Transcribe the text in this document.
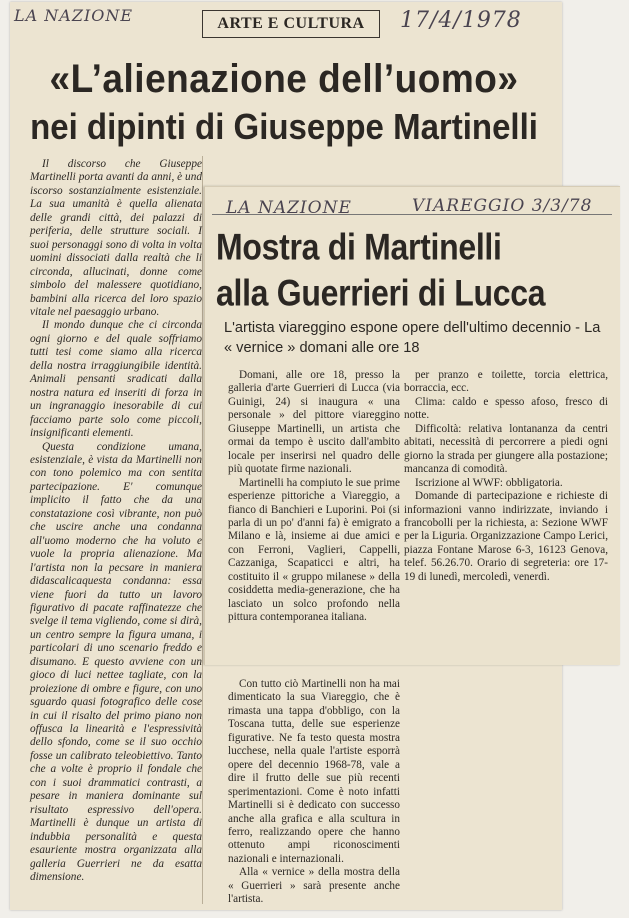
LA NAZIONE	ARTE E CULTURA	17/4/1978
«L’alienazione dell’uomo»
nei dipinti di Giuseppe Martinelli

Il discorso che Giuseppe Martinelli porta avanti da anni, è und iscorso sostanzialmente esistenziale. La sua umanità è quella alienata delle grandi città, dei palazzi di periferia, delle strutture sociali. I suoi personaggi sono di volta in volta uomini dissociati dalla realtà che li circonda, allucinati, donne come simbolo del malessere quotidiano, bambini alla ricerca del loro spazio vitale nel paesaggio urbano.

Il mondo dunque che ci circonda ogni giorno e del quale soffriamo tutti tesi come siamo alla ricerca della nostra irraggiungibile identità. Animali pensanti sradicati dalla nostra natura ed inseriti di forza in un ingranaggio inesorabile di cui facciamo parte solo come piccoli, insignificanti elementi.

Questa condizione umana, esistenziale, è vista da Martinelli non con tono polemico ma con sentita partecipazione. E' comunque implicito il fatto che da una constatazione così vibrante, non può che uscire anche una condanna all'uomo moderno che ha voluto e vuole la propria alienazione. Ma l'artista non la pecsare in maniera didascalicaquesta condanna: essa viene fuori da tutto un lavoro figurativo di pacate raffinatezze che svelge il tema vigliendo, come si dirà, un centro sempre la figura umana, i particolari di uno scenario freddo e disumano. E questo avviene con un gioco di luci nettee tagliate, con la proiezione di ombre e figure, con uno sguardo quasi fotografico delle cose in cui il risalto del primo piano non offusca la linearità e l'espressività dello sfondo, come se il suo occhio fosse un calibrato teleobiettivo. Tanto che a volte è proprio il fondale che con i suoi drammatici contrasti, a pesare in maniera dominante sul risultato espressivo dell'opera. Martinelli è dunque un artista di indubbia personalità e questa esauriente mostra organizzata alla galleria Guerrieri ne da esatta dimensione.

LA NAZIONE	VIAREGGIO 3/3/78
Mostra di Martinelli
alla Guerrieri di Lucca
L'artista viareggino espone opere dell'ultimo decennio - La « vernice » domani alle ore 18

Domani, alle ore 18, presso la galleria d'arte Guerrieri di Lucca (via Guinigi, 24) si inaugura « una personale » del pittore viareggino Giuseppe Martinelli, un artista che ormai da tempo è uscito dall'ambito locale per inserirsi nel quadro delle più quotate firme nazionali.

Martinelli ha compiuto le sue prime esperienze pittoriche a Viareggio, a fianco di Banchieri e Luporini. Poi (si parla di un po' d'anni fa) è emigrato a Milano e là, insieme ai due amici e con Ferroni, Vaglieri, Cappelli, Cazzaniga, Scapaticci e altri, ha costituito il « gruppo milanese » della cosiddetta media-generazione, che ha lasciato un solco profondo nella pittura contemporanea italiana.

per pranzo e toilette, torcia elettrica, borraccia, ecc.

Clima: caldo e spesso afoso, fresco di notte.

Difficoltà: relativa lontananza da centri abitati, necessità di percorrere a piedi ogni giorno la strada per giungere alla postazione; mancanza di comodità.

Iscrizione al WWF: obbligatoria.

Domande di partecipazione e richieste di informazioni vanno indirizzate, inviando i francobolli per la richiesta, a: Sezione WWF per la Liguria. Organizzazione Campo Lerici, piazza Fontane Marose 6-3, 16123 Genova, telef. 56.26.70. Orario di segreteria: ore 17-19 di lunedì, mercoledì, venerdì.

Con tutto ciò Martinelli non ha mai dimenticato la sua Viareggio, che è rimasta una tappa d'obbligo, con la Toscana tutta, delle sue esperienze figurative. Ne fa testo questa mostra lucchese, nella quale l'artiste esporrà opere del decennio 1968-78, vale a dire il frutto delle sue più recenti sperimentazioni. Come è noto infatti Martinelli si è dedicato con successo anche alla grafica e alla scultura in ferro, realizzando opere che hanno ottenuto ampi riconoscimenti nazionali e internazionali.

Alla « vernice » della mostra della « Guerrieri » sarà presente anche l'artista.
